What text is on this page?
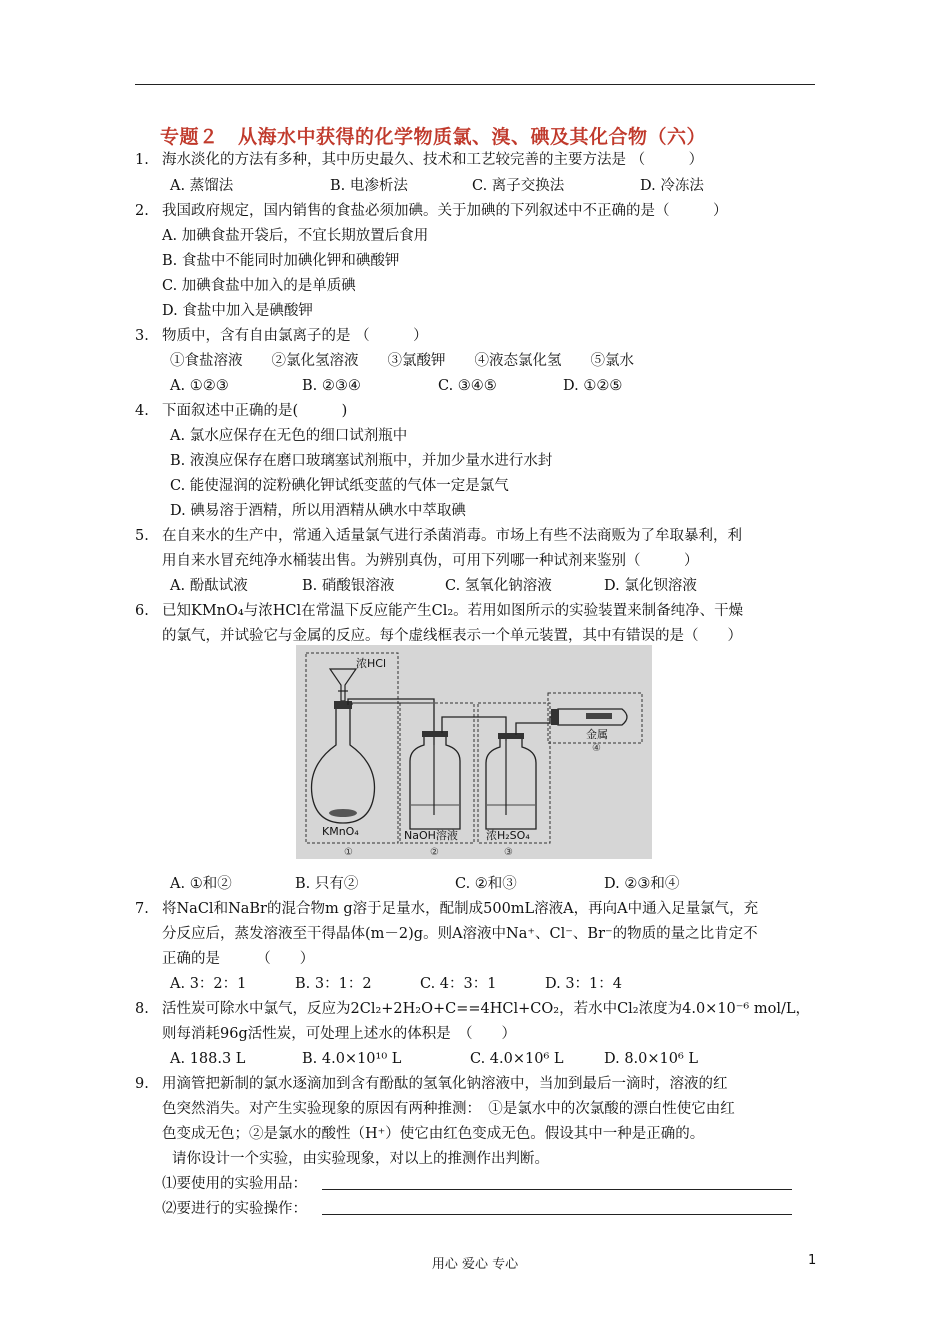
专题２　从海水中获得的化学物质氯、溴、碘及其化合物（六）
1. 海水淡化的方法有多种，其中历史最久、技术和工艺较完善的主要方法是 （　　　）
A. 蒸馏法	B. 电渗析法	C. 离子交换法	D. 冷冻法
2. 我国政府规定，国内销售的食盐必须加碘。关于加碘的下列叙述中不正确的是（　　　）
A. 加碘食盐开袋后，不宜长期放置后食用
B. 食盐中不能同时加碘化钾和碘酸钾
C. 加碘食盐中加入的是单质碘
D. 食盐中加入是碘酸钾
3. 物质中，含有自由氯离子的是 （　　　）
①食盐溶液　　②氯化氢溶液　　③氯酸钾　　④液态氯化氢　　⑤氯水
A. ①②③	B. ②③④	C. ③④⑤	D. ①②⑤
4. 下面叙述中正确的是(　　　)
A. 氯水应保存在无色的细口试剂瓶中
B. 液溴应保存在磨口玻璃塞试剂瓶中，并加少量水进行水封
C. 能使湿润的淀粉碘化钾试纸变蓝的气体一定是氯气
D. 碘易溶于酒精，所以用酒精从碘水中萃取碘
5. 在自来水的生产中，常通入适量氯气进行杀菌消毒。市场上有些不法商贩为了牟取暴利，利
用自来水冒充纯净水桶装出售。为辨别真伪，可用下列哪一种试剂来鉴别（　　　）
A. 酚酞试液	B. 硝酸银溶液	C. 氢氧化钠溶液	D. 氯化钡溶液
6. 已知KMnO₄与浓HCl在常温下反应能产生Cl₂。若用如图所示的实验装置来制备纯净、干燥
的氯气，并试验它与金属的反应。每个虚线框表示一个单元装置，其中有错误的是（　　）
浓HCl
KMnO₄	NaOH溶液	浓H₂SO₄
金属
①	②	③
④
A. ①和②	B. 只有②	C. ②和③	D. ②③和④
7. 将NaCl和NaBr的混合物m g溶于足量水，配制成500mL溶液A，再向A中通入足量氯气，充
分反应后，蒸发溶液至干得晶体(m－2)g。则A溶液中Na⁺、Cl⁻、Br⁻的物质的量之比肯定不
正确的是　　　（　　）
A. 3：2：1	B. 3：1：2	C. 4：3：1	D. 3：1：4
8. 活性炭可除水中氯气，反应为2Cl₂+2H₂O+C==4HCl+CO₂，若水中Cl₂浓度为4.0×10⁻⁶ mol/L，
则每消耗96g活性炭，可处理上述水的体积是　（　　）
A. 188.3 L	B. 4.0×10¹⁰ L	C. 4.0×10⁶ L	D. 8.0×10⁶ L
9. 用滴管把新制的氯水逐滴加到含有酚酞的氢氧化钠溶液中，当加到最后一滴时，溶液的红
色突然消失。对产生实验现象的原因有两种推测：　①是氯水中的次氯酸的漂白性使它由红
色变成无色；②是氯水的酸性（H⁺）使它由红色变成无色。假设其中一种是正确的。
请你设计一个实验，由实验现象，对以上的推测作出判断。
⑴要使用的实验用品：
⑵要进行的实验操作：
用心 爱心 专心	1
